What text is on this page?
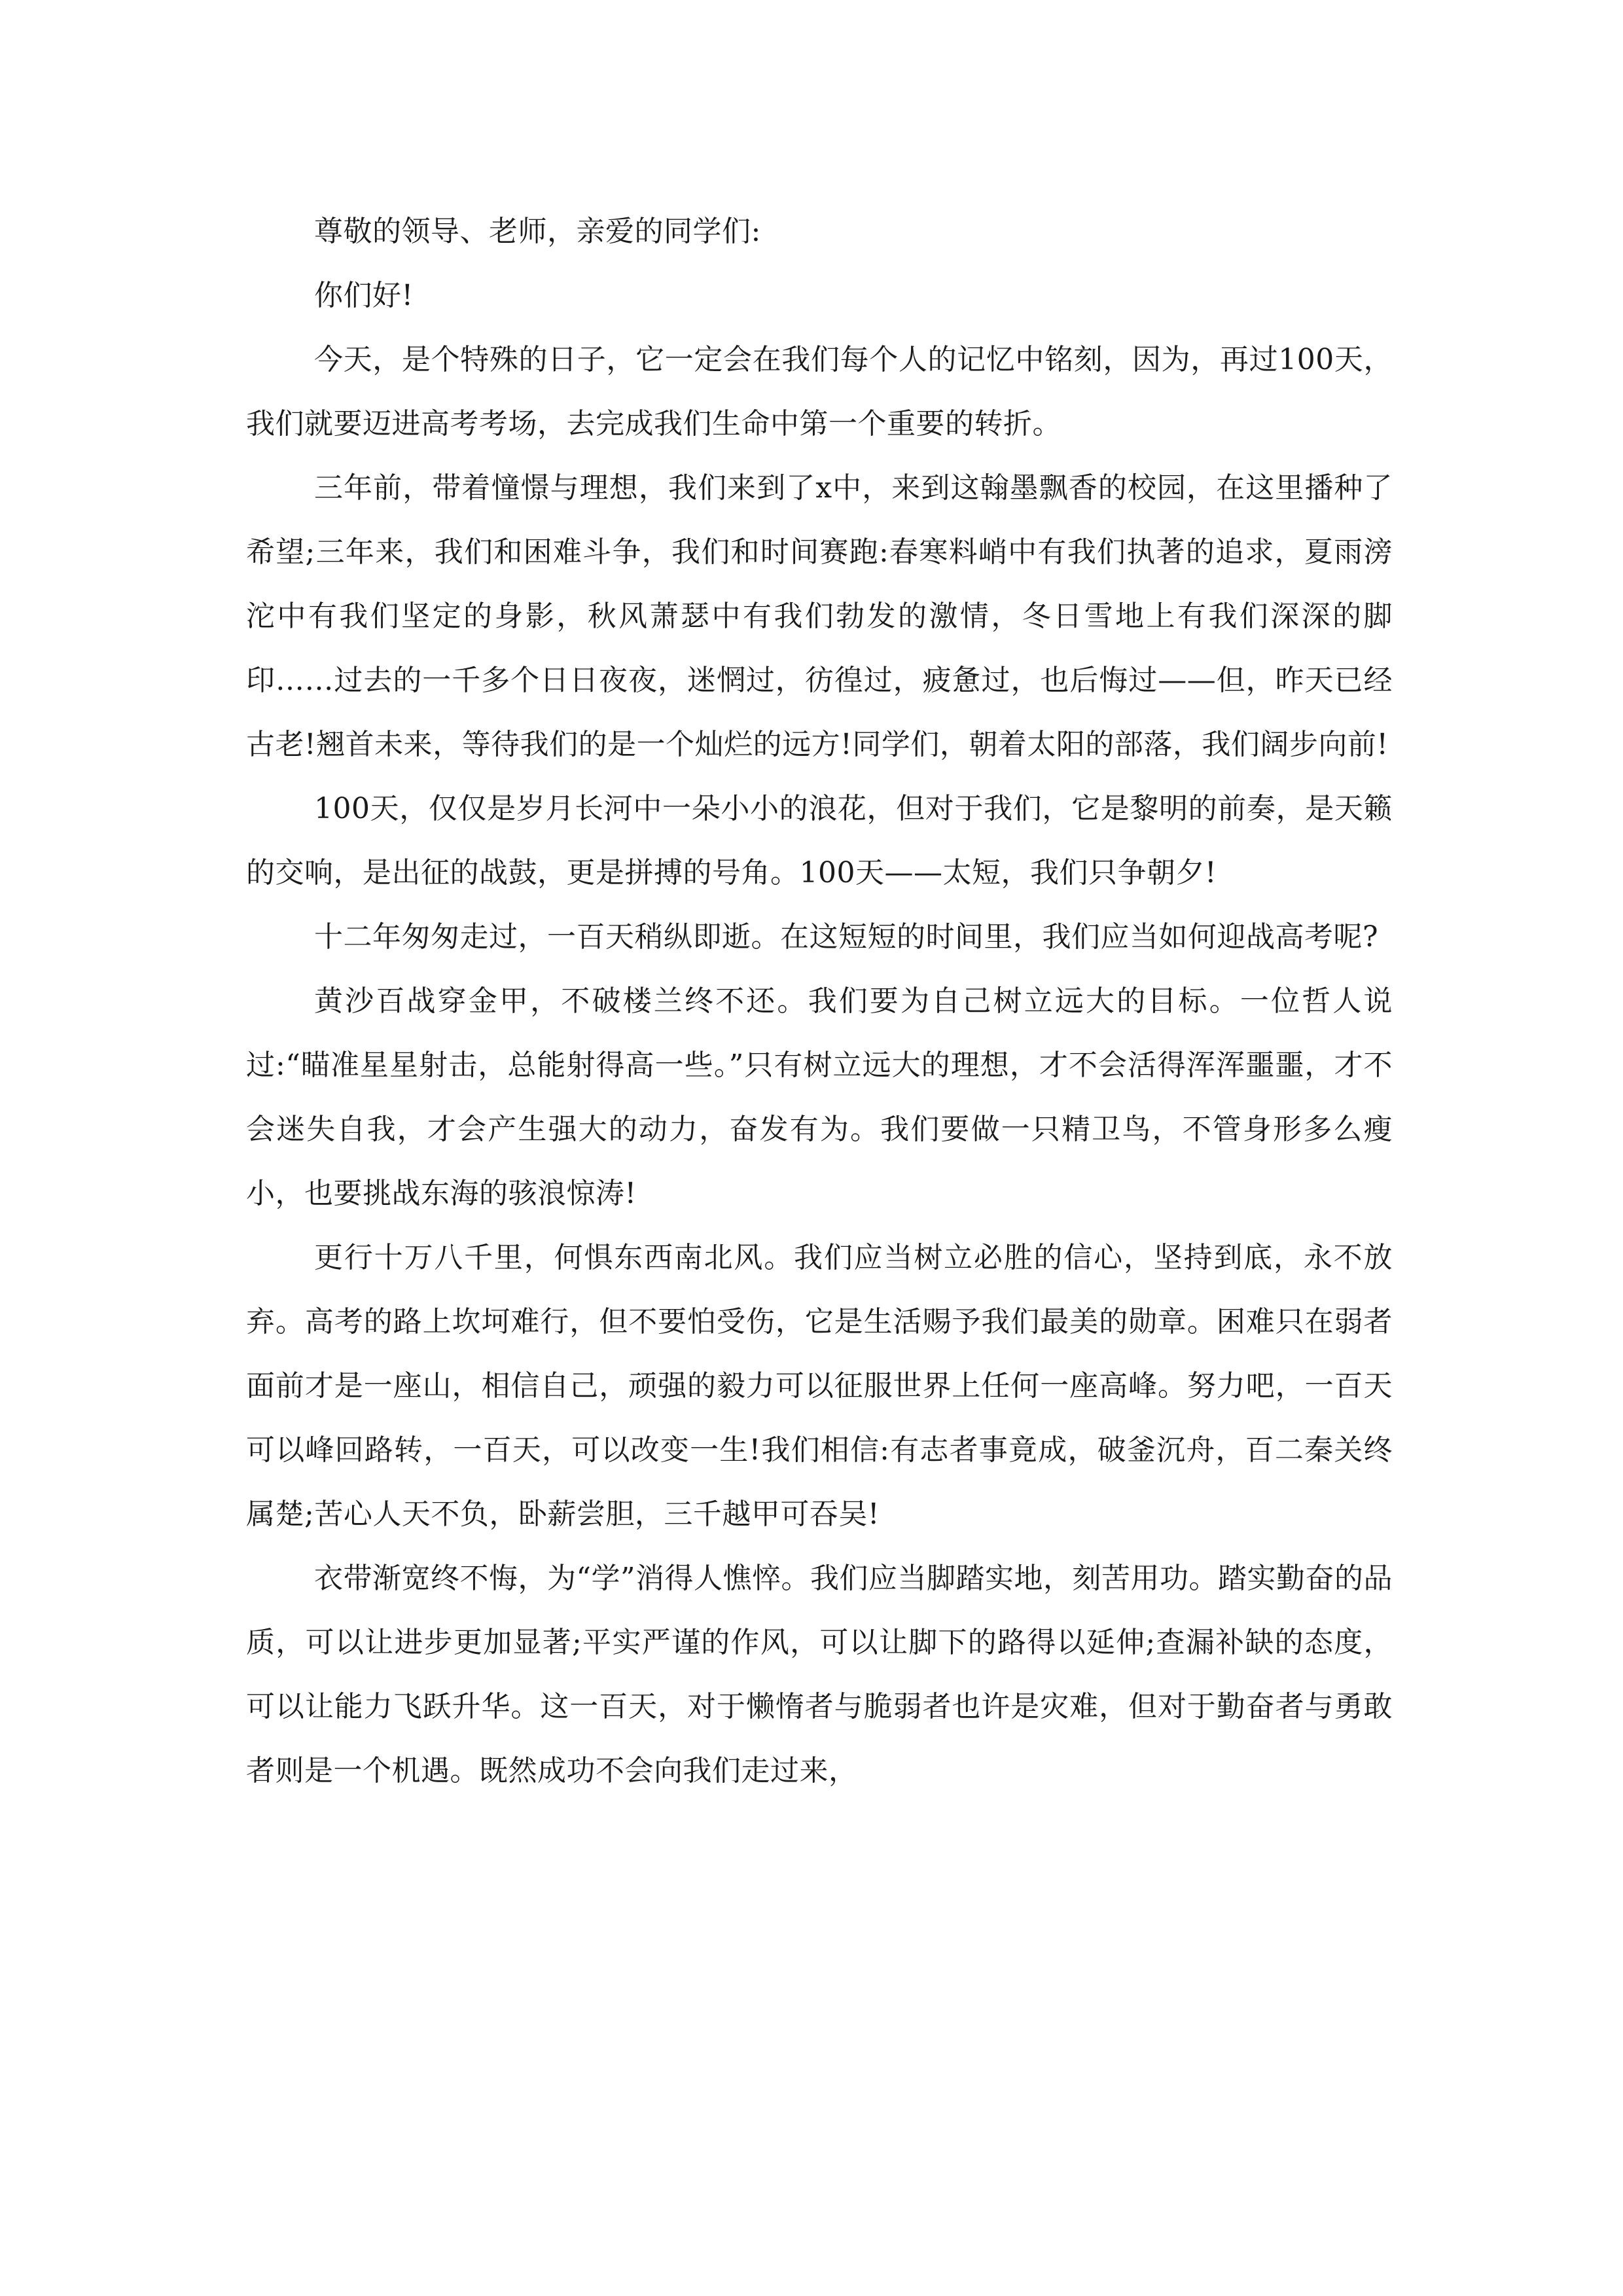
尊敬的领导、老师，亲爱的同学们:

你们好!

今天，是个特殊的日子，它一定会在我们每个人的记忆中铭刻，因为，再过100天，我们就要迈进高考考场，去完成我们生命中第一个重要的转折。

三年前，带着憧憬与理想，我们来到了x中，来到这翰墨飘香的校园，在这里播种了希望;三年来，我们和困难斗争，我们和时间赛跑:春寒料峭中有我们执著的追求，夏雨滂沱中有我们坚定的身影，秋风萧瑟中有我们勃发的激情，冬日雪地上有我们深深的脚印……过去的一千多个日日夜夜，迷惘过，彷徨过，疲惫过，也后悔过——但，昨天已经古老!翘首未来，等待我们的是一个灿烂的远方!同学们，朝着太阳的部落，我们阔步向前!

100天，仅仅是岁月长河中一朵小小的浪花，但对于我们，它是黎明的前奏，是天籁的交响，是出征的战鼓，更是拼搏的号角。100天——太短，我们只争朝夕!

十二年匆匆走过，一百天稍纵即逝。在这短短的时间里，我们应当如何迎战高考呢?

黄沙百战穿金甲，不破楼兰终不还。我们要为自己树立远大的目标。一位哲人说过:“瞄准星星射击，总能射得高一些。”只有树立远大的理想，才不会活得浑浑噩噩，才不会迷失自我，才会产生强大的动力，奋发有为。我们要做一只精卫鸟，不管身形多么瘦小，也要挑战东海的骇浪惊涛!

更行十万八千里，何惧东西南北风。我们应当树立必胜的信心，坚持到底，永不放弃。高考的路上坎坷难行，但不要怕受伤，它是生活赐予我们最美的勋章。困难只在弱者面前才是一座山，相信自己，顽强的毅力可以征服世界上任何一座高峰。努力吧，一百天可以峰回路转，一百天，可以改变一生!我们相信:有志者事竟成，破釜沉舟，百二秦关终属楚;苦心人天不负，卧薪尝胆，三千越甲可吞吴!

衣带渐宽终不悔，为“学”消得人憔悴。我们应当脚踏实地，刻苦用功。踏实勤奋的品质，可以让进步更加显著;平实严谨的作风，可以让脚下的路得以延伸;查漏补缺的态度，可以让能力飞跃升华。这一百天，对于懒惰者与脆弱者也许是灾难，但对于勤奋者与勇敢者则是一个机遇。既然成功不会向我们走过来，
